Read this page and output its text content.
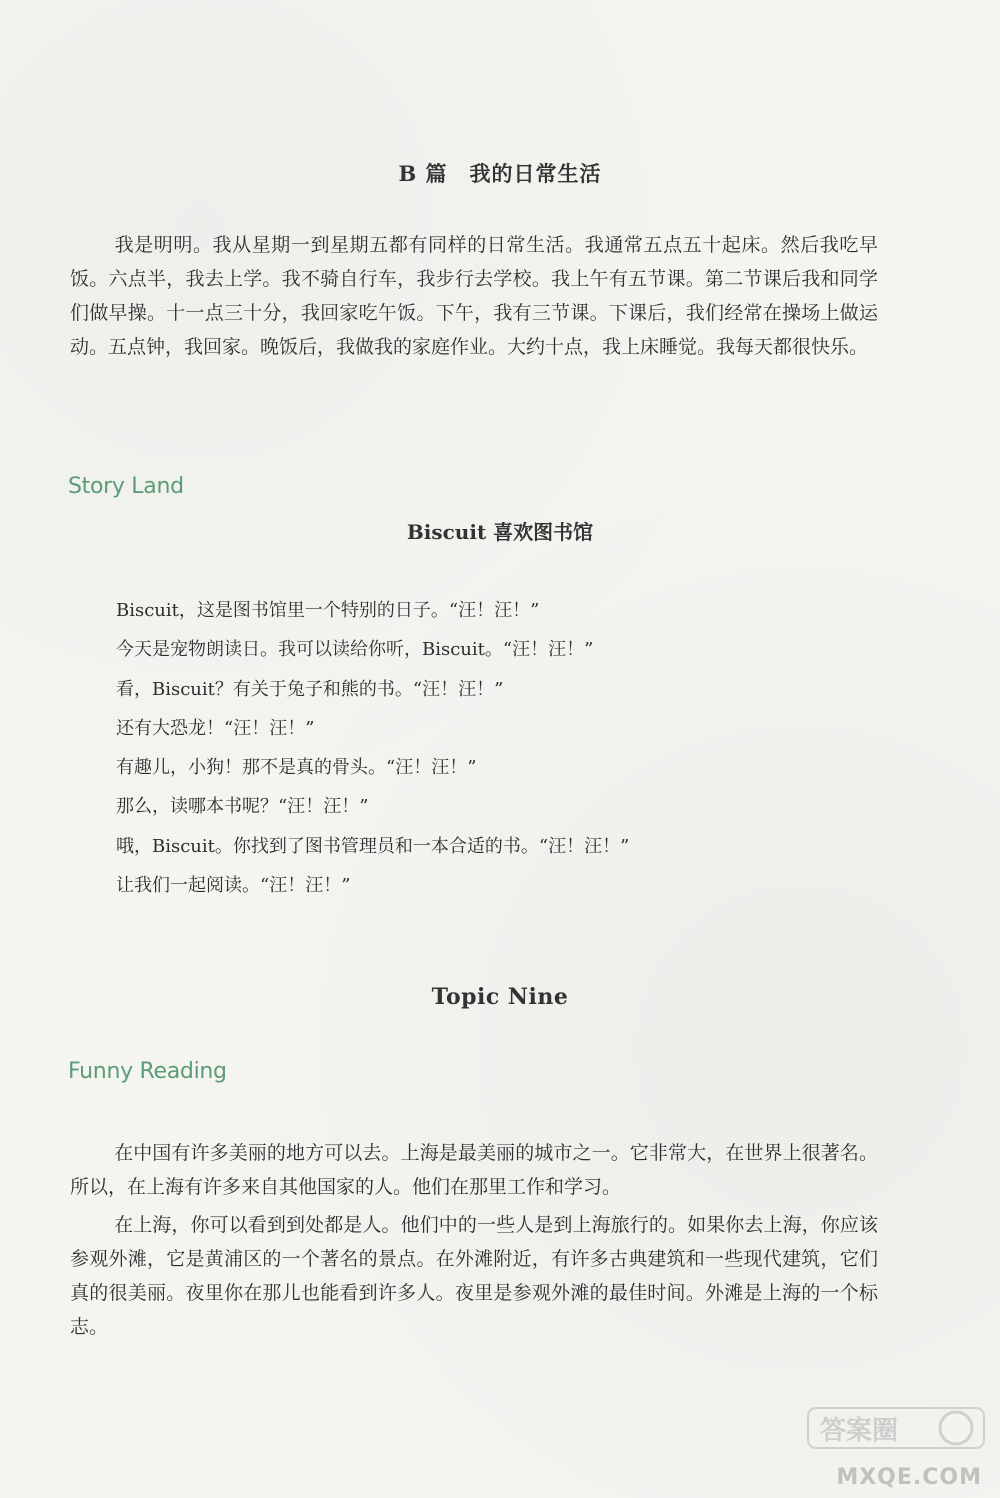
B 篇　我的日常生活

我是明明。我从星期一到星期五都有同样的日常生活。我通常五点五十起床。然后我吃早饭。六点半，我去上学。我不骑自行车，我步行去学校。我上午有五节课。第二节课后我和同学们做早操。十一点三十分，我回家吃午饭。下午，我有三节课。下课后，我们经常在操场上做运动。五点钟，我回家。晚饭后，我做我的家庭作业。大约十点，我上床睡觉。我每天都很快乐。

Story Land
Biscuit 喜欢图书馆
Biscuit，这是图书馆里一个特别的日子。“汪！汪！”
今天是宠物朗读日。我可以读给你听，Biscuit。“汪！汪！”
看，Biscuit？有关于兔子和熊的书。“汪！汪！”
还有大恐龙！“汪！汪！”
有趣儿，小狗！那不是真的骨头。“汪！汪！”
那么，读哪本书呢？“汪！汪！”
哦，Biscuit。你找到了图书管理员和一本合适的书。“汪！汪！”
让我们一起阅读。“汪！汪！”
Topic Nine
Funny Reading

在中国有许多美丽的地方可以去。上海是最美丽的城市之一。它非常大，在世界上很著名。所以，在上海有许多来自其他国家的人。他们在那里工作和学习。

在上海，你可以看到到处都是人。他们中的一些人是到上海旅行的。如果你去上海，你应该参观外滩，它是黄浦区的一个著名的景点。在外滩附近，有许多古典建筑和一些现代建筑，它们真的很美丽。夜里你在那儿也能看到许多人。夜里是参观外滩的最佳时间。外滩是上海的一个标志。

答案圈
MXQE.COM
